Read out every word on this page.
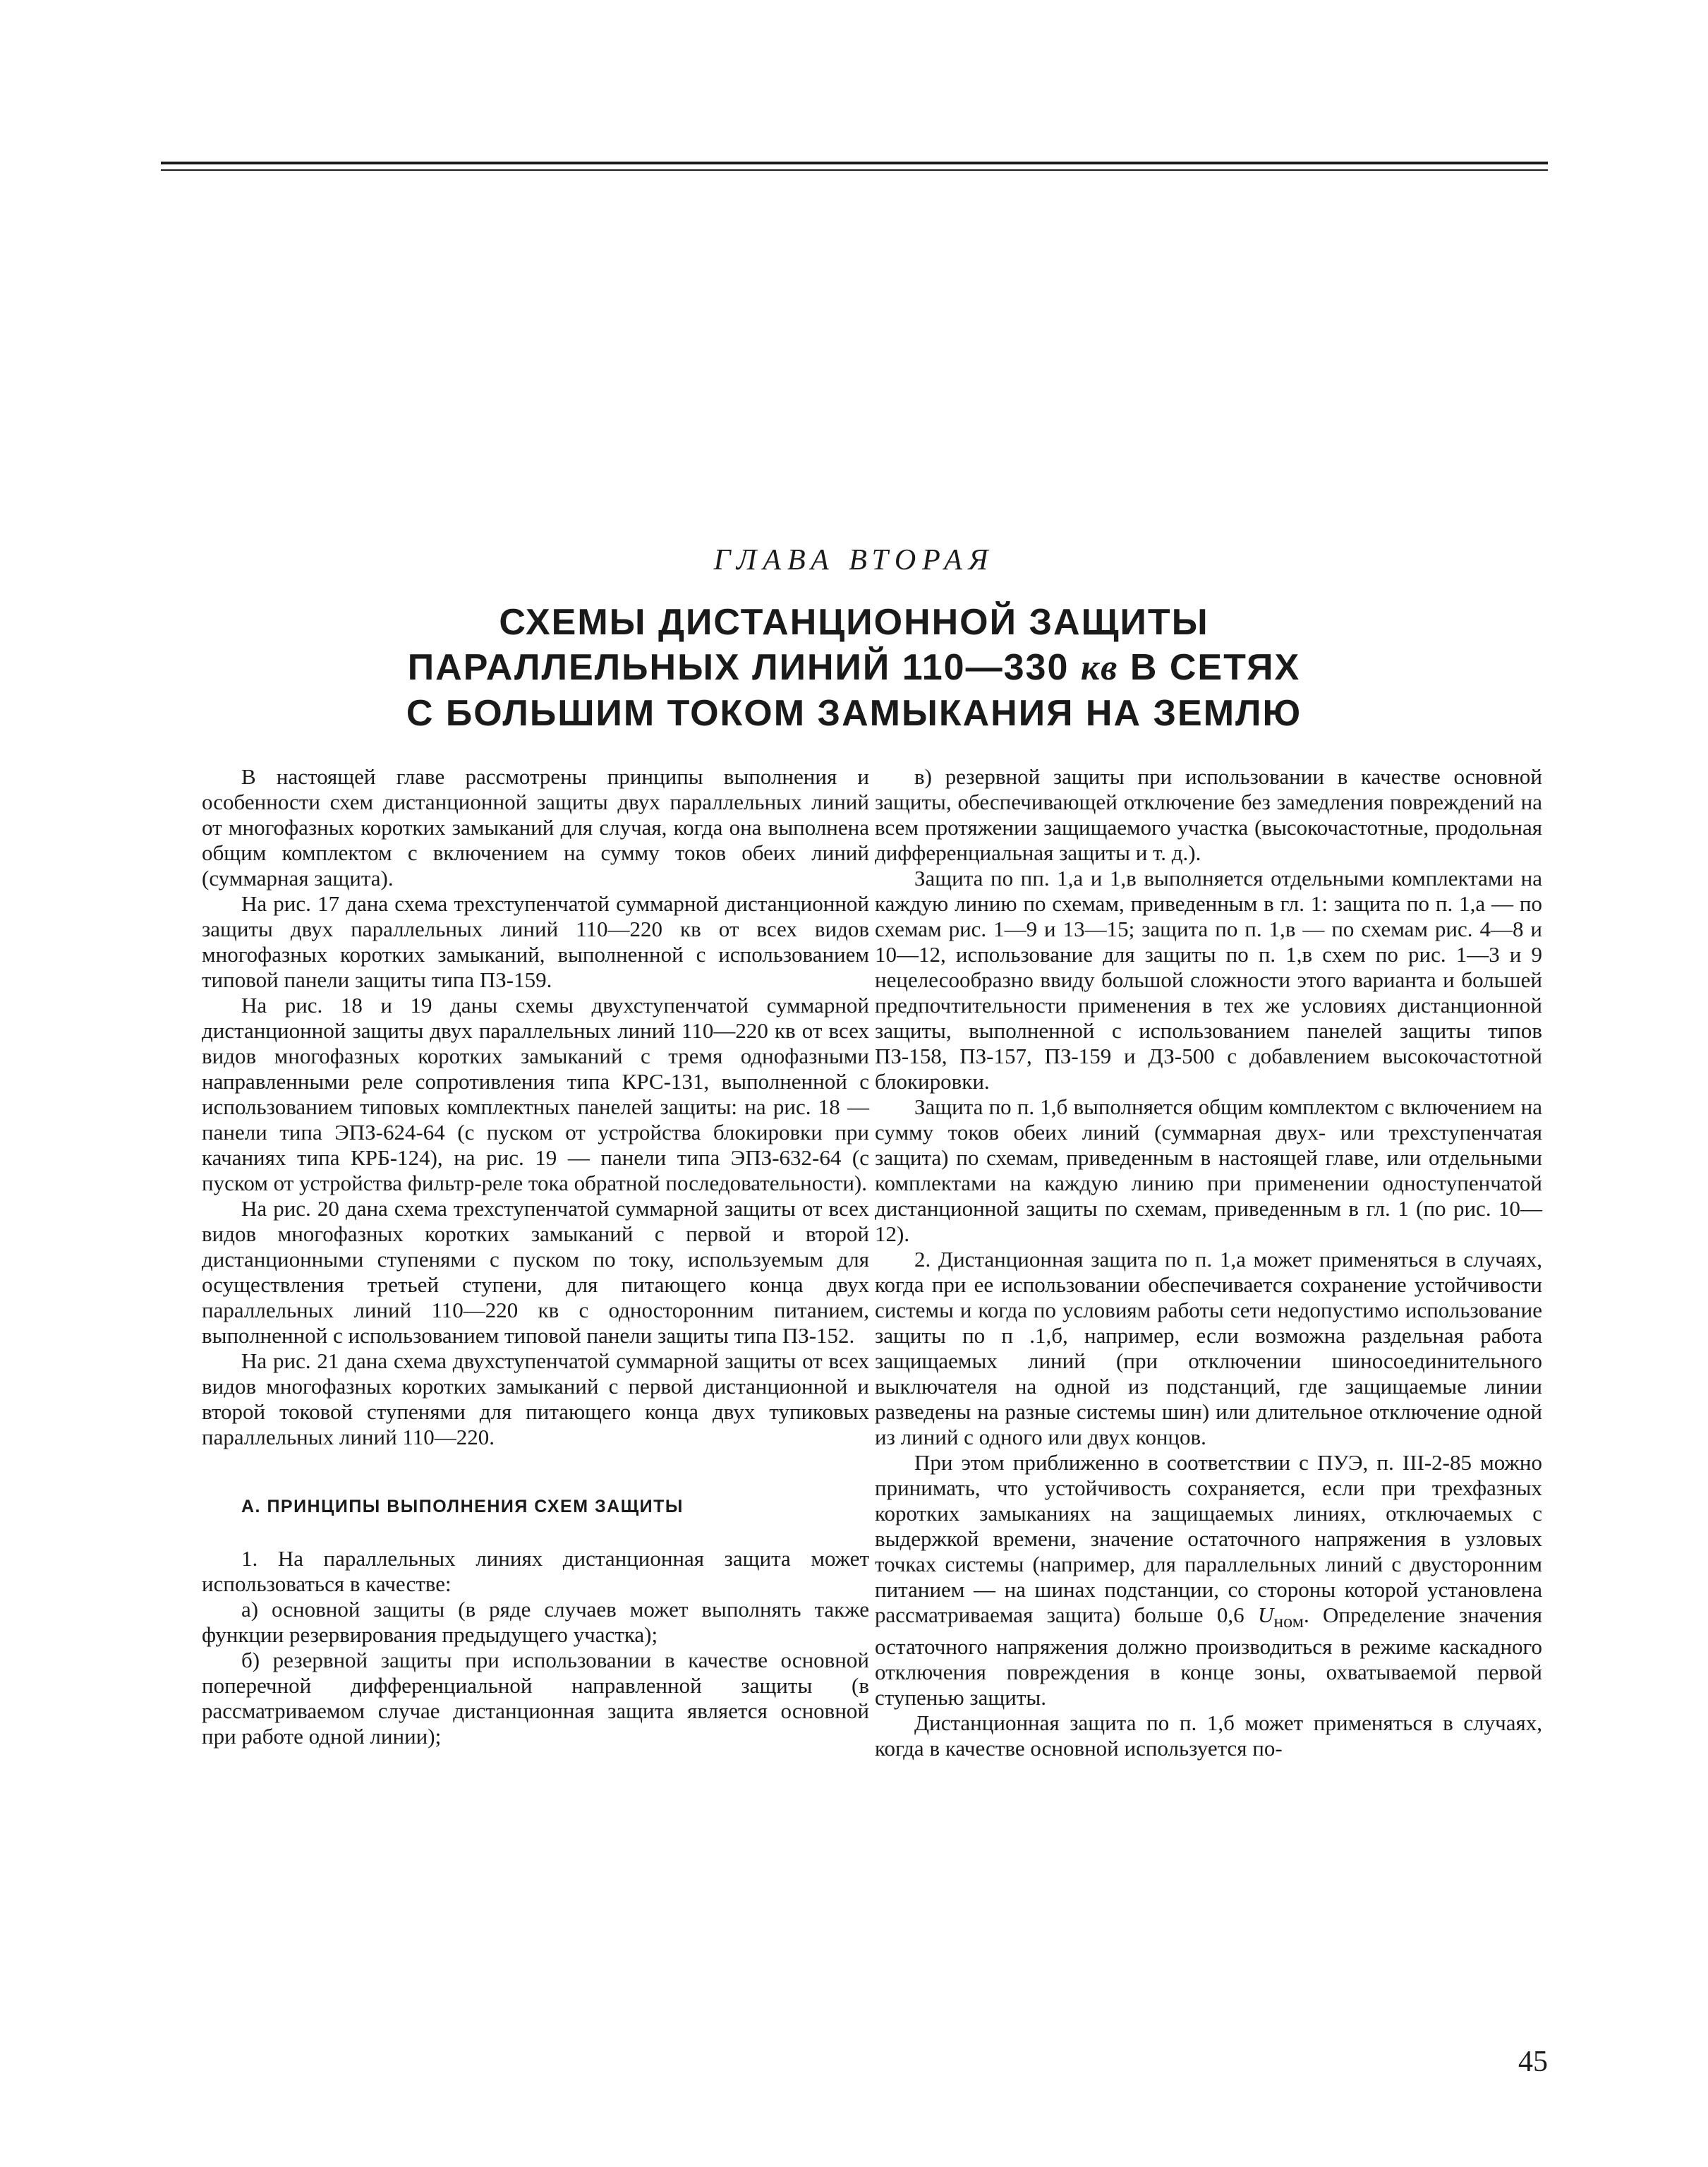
ГЛАВА ВТОРАЯ
СХЕМЫ ДИСТАНЦИОННОЙ ЗАЩИТЫ
ПАРАЛЛЕЛЬНЫХ ЛИНИЙ 110—330 кв В СЕТЯХ
С БОЛЬШИМ ТОКОМ ЗАМЫКАНИЯ НА ЗЕМЛЮ

В настоящей главе рассмотрены принципы выполнения и особенности схем дистанционной защиты двух параллельных линий от многофазных коротких замыканий для случая, когда она выполнена общим комплектом с включением на сумму токов обеих линий (суммарная защита).

На рис. 17 дана схема трехступенчатой суммарной дистанционной защиты двух параллельных линий 110—220 кв от всех видов многофазных коротких замыканий, выполненной с использованием типовой панели защиты типа ПЗ-159.

На рис. 18 и 19 даны схемы двухступенчатой суммарной дистанционной защиты двух параллельных линий 110—220 кв от всех видов многофазных коротких замыканий с тремя однофазными направленными реле сопротивления типа КРС-131, выполненной с использованием типовых комплектных панелей защиты: на рис. 18 — панели типа ЭПЗ-624-64 (с пуском от устройства блокировки при качаниях типа КРБ-124), на рис. 19 — панели типа ЭПЗ-632-64 (с пуском от устройства фильтр-реле тока обратной последовательности).

На рис. 20 дана схема трехступенчатой суммарной защиты от всех видов многофазных коротких замыканий с первой и второй дистанционными ступенями с пуском по току, используемым для осуществления третьей ступени, для питающего конца двух параллельных линий 110—220 кв с односторонним питанием, выполненной с использованием типовой панели защиты типа ПЗ-152.

На рис. 21 дана схема двухступенчатой суммарной защиты от всех видов многофазных коротких замыканий с первой дистанционной и второй токовой ступенями для питающего конца двух тупиковых параллельных линий 110—220.

А. ПРИНЦИПЫ ВЫПОЛНЕНИЯ СХЕМ ЗАЩИТЫ

1. На параллельных линиях дистанционная защита может использоваться в качестве:

а) основной защиты (в ряде случаев может выполнять также функции резервирования предыдущего участка);

б) резервной защиты при использовании в качестве основной поперечной дифференциальной направленной защиты (в рассматриваемом случае дистанционная защита является основной при работе одной линии);

в) резервной защиты при использовании в качестве основной защиты, обеспечивающей отключение без замедления повреждений на всем протяжении защищаемого участка (высокочастотные, продольная дифференциальная защиты и т. д.).

Защита по пп. 1,а и 1,в выполняется отдельными комплектами на каждую линию по схемам, приведенным в гл. 1: защита по п. 1,а — по схемам рис. 1—9 и 13—15; защита по п. 1,в — по схемам рис. 4—8 и 10—12, использование для защиты по п. 1,в схем по рис. 1—3 и 9 нецелесообразно ввиду большой сложности этого варианта и большей предпочтительности применения в тех же условиях дистанционной защиты, выполненной с использованием панелей защиты типов ПЗ-158, ПЗ-157, ПЗ-159 и ДЗ-500 с добавлением высокочастотной блокировки.

Защита по п. 1,б выполняется общим комплектом с включением на сумму токов обеих линий (суммарная двух- или трехступенчатая защита) по схемам, приведенным в настоящей главе, или отдельными комплектами на каждую линию при применении одноступенчатой дистанционной защиты по схемам, приведенным в гл. 1 (по рис. 10—12).

2. Дистанционная защита по п. 1,а может применяться в случаях, когда при ее использовании обеспечивается сохранение устойчивости системы и когда по условиям работы сети недопустимо использование защиты по п .1,б, например, если возможна раздельная работа защищаемых линий (при отключении шиносоединительного выключателя на одной из подстанций, где защищаемые линии разведены на разные системы шин) или длительное отключение одной из линий с одного или двух концов.

При этом приближенно в соответствии с ПУЭ, п. III-2-85 можно принимать, что устойчивость сохраняется, если при трехфазных коротких замыканиях на защищаемых линиях, отключаемых с выдержкой времени, значение остаточного напряжения в узловых точках системы (например, для параллельных линий с двусторонним питанием — на шинах подстанции, со стороны которой установлена рассматриваемая защита) больше 0,6 $U_{ном}$. Определение значения остаточного напряжения должно производиться в режиме каскадного отключения повреждения в конце зоны, охватываемой первой ступенью защиты.

Дистанционная защита по п. 1,б может применяться в случаях, когда в качестве основной используется по-

45
